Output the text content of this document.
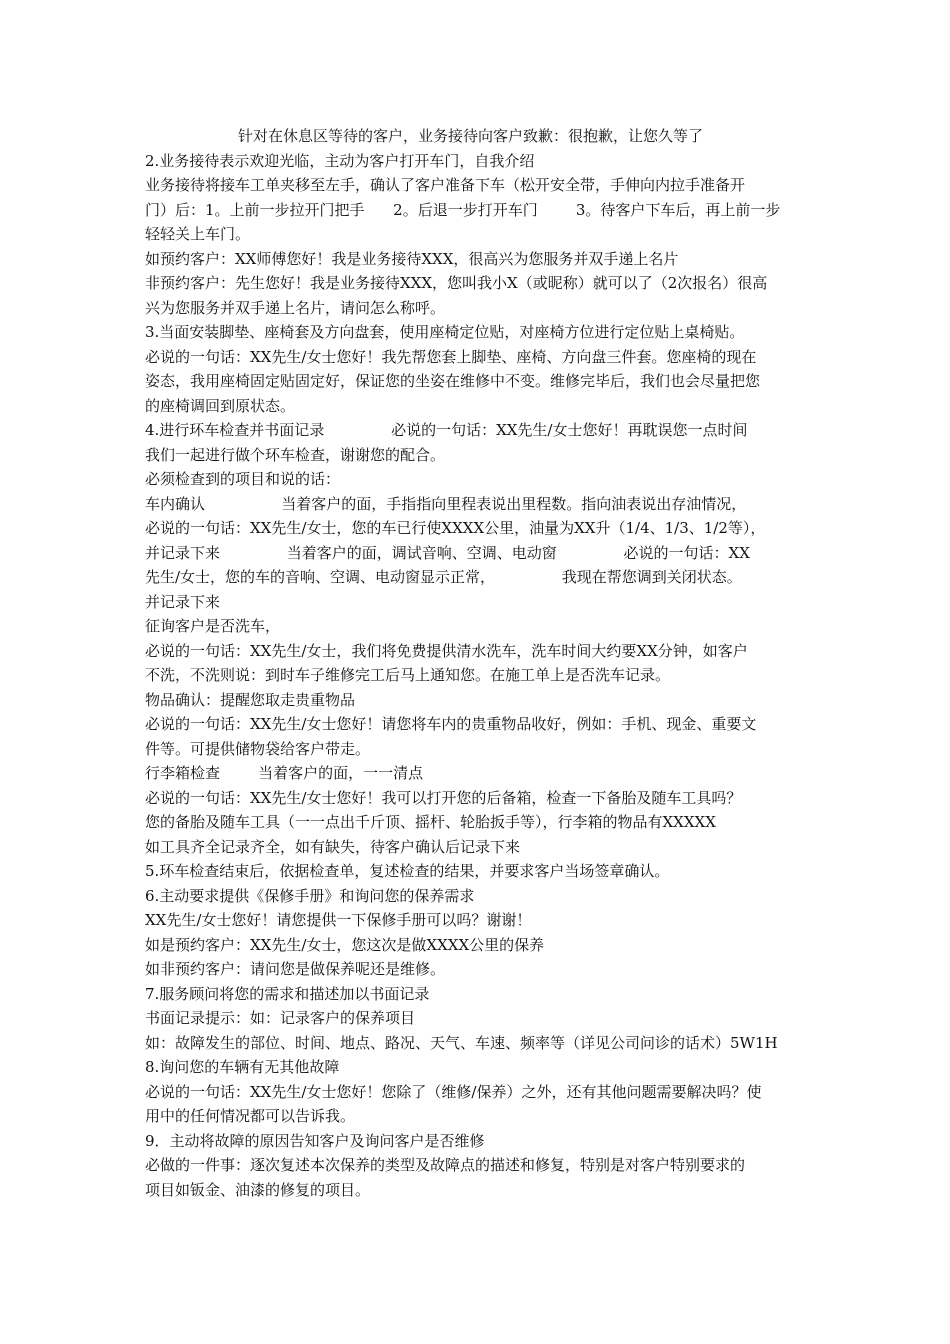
针对在休息区等待的客户，业务接待向客户致歉：很抱歉，让您久等了
2.业务接待表示欢迎光临，主动为客户打开车门，自我介绍
业务接待将接车工单夹移至左手，确认了客户准备下车（松开安全带，手伸向内拉手准备开
门）后：1。上前一步拉开门把手      2。后退一步打开车门        3。待客户下车后，再上前一步
轻轻关上车门。
如预约客户：XX师傅您好！我是业务接待XXX，很高兴为您服务并双手递上名片
非预约客户：先生您好！我是业务接待XXX，您叫我小X（或昵称）就可以了（2次报名）很高
兴为您服务并双手递上名片，请问怎么称呼。
3.当面安装脚垫、座椅套及方向盘套，使用座椅定位贴，对座椅方位进行定位贴上桌椅贴。
必说的一句话：XX先生/女士您好！我先帮您套上脚垫、座椅、方向盘三件套。您座椅的现在
姿态，我用座椅固定贴固定好，保证您的坐姿在维修中不变。维修完毕后，我们也会尽量把您
的座椅调回到原状态。
4.进行环车检查并书面记录              必说的一句话：XX先生/女士您好！再耽误您一点时间
我们一起进行做个环车检查，谢谢您的配合。
必须检查到的项目和说的话：
车内确认                当着客户的面，手指指向里程表说出里程数。指向油表说出存油情况，
必说的一句话：XX先生/女士，您的车已行使XXXX公里，油量为XX升（1/4、1/3、1/2等），
并记录下来              当着客户的面，调试音响、空调、电动窗              必说的一句话：XX
先生/女士，您的车的音响、空调、电动窗显示正常，              我现在帮您调到关闭状态。
并记录下来
征询客户是否洗车，
必说的一句话：XX先生/女士，我们将免费提供清水洗车，洗车时间大约要XX分钟，如客户
不洗，不洗则说：到时车子维修完工后马上通知您。在施工单上是否洗车记录。
物品确认：提醒您取走贵重物品
必说的一句话：XX先生/女士您好！请您将车内的贵重物品收好，例如：手机、现金、重要文
件等。可提供储物袋给客户带走。
行李箱检查        当着客户的面，一一清点
必说的一句话：XX先生/女士您好！我可以打开您的后备箱，检查一下备胎及随车工具吗？
您的备胎及随车工具（一一点出千斤顶、摇杆、轮胎扳手等），行李箱的物品有XXXXX
如工具齐全记录齐全，如有缺失，待客户确认后记录下来
5.环车检查结束后，依据检查单，复述检查的结果，并要求客户当场签章确认。
6.主动要求提供《保修手册》和询问您的保养需求
XX先生/女士您好！请您提供一下保修手册可以吗？谢谢！
如是预约客户：XX先生/女士，您这次是做XXXX公里的保养
如非预约客户：请问您是做保养呢还是维修。
7.服务顾问将您的需求和描述加以书面记录
书面记录提示：如：记录客户的保养项目
如：故障发生的部位、时间、地点、路况、天气、车速、频率等（详见公司问诊的话术）5W1H
8.询问您的车辆有无其他故障
必说的一句话：XX先生/女士您好！您除了（维修/保养）之外，还有其他问题需要解决吗？使
用中的任何情况都可以告诉我。
9．主动将故障的原因告知客户及询问客户是否维修
必做的一件事：逐次复述本次保养的类型及故障点的描述和修复，特别是对客户特别要求的
项目如钣金、油漆的修复的项目。
